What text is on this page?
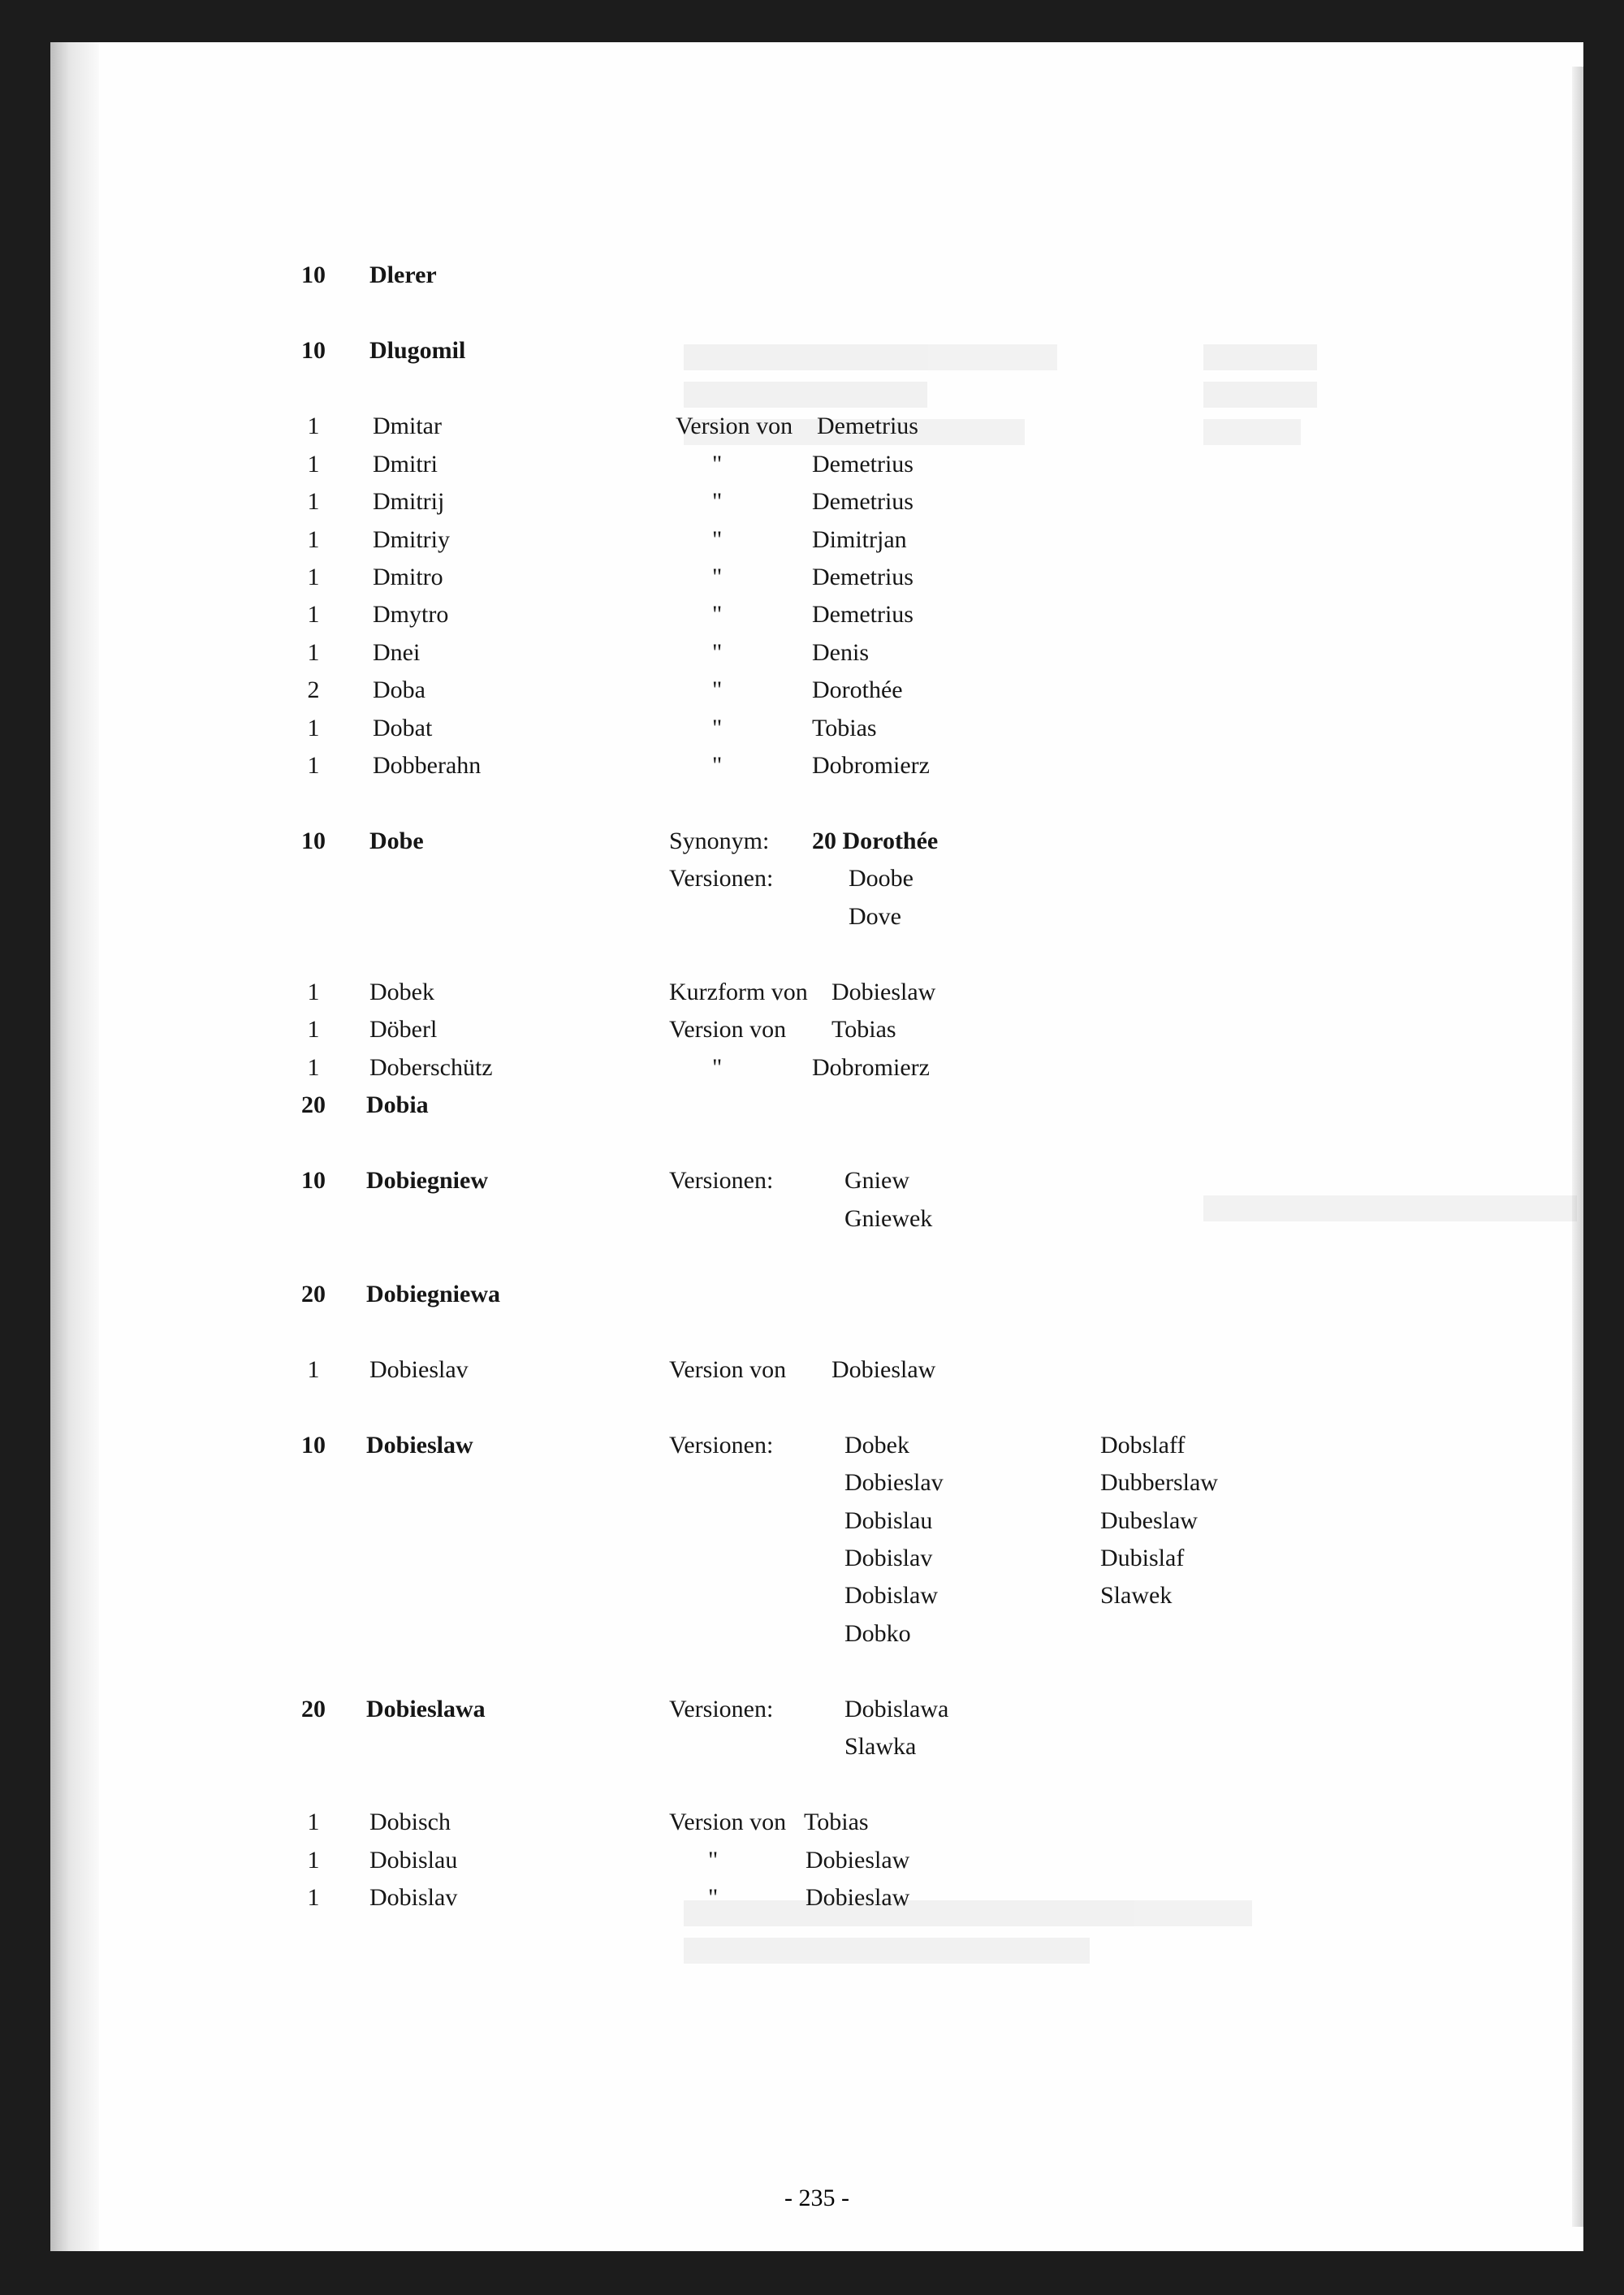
10	Dlerer
10	Dlugomil
1	Dmitar	Version von Demetrius
1	Dmitri	"	Demetrius
1	Dmitrij	"	Demetrius
1	Dmitriy	"	Dimitrjan
1	Dmitro	"	Demetrius
1	Dmytro	"	Demetrius
1	Dnei	"	Denis
2	Doba	"	Dorothée
1	Dobat	"	Tobias
1	Dobberahn	"	Dobromierz
10	Dobe	Synonym: 20 Dorothée
Versionen:	Doobe
Dove
1	Dobek	Kurzform von Dobieslaw
1	Döberl	Version von Tobias
1	Doberschütz	"	Dobromierz
20	Dobia
10	Dobiegniew	Versionen:	Gniew
Gniewek
20	Dobiegniewa
1	Dobieslav	Version von Dobieslaw
10	Dobieslaw	Versionen:	Dobek	Dobslaff
Dobieslav	Dubberslaw
Dobislau	Dubeslaw
Dobislav	Dubislaf
Dobislaw	Slawek
Dobko
20	Dobieslawa	Versionen:	Dobislawa
Slawka
1	Dobisch	Version von Tobias
1	Dobislau	"	Dobieslaw
1	Dobislav	"	Dobieslaw
- 235 -
